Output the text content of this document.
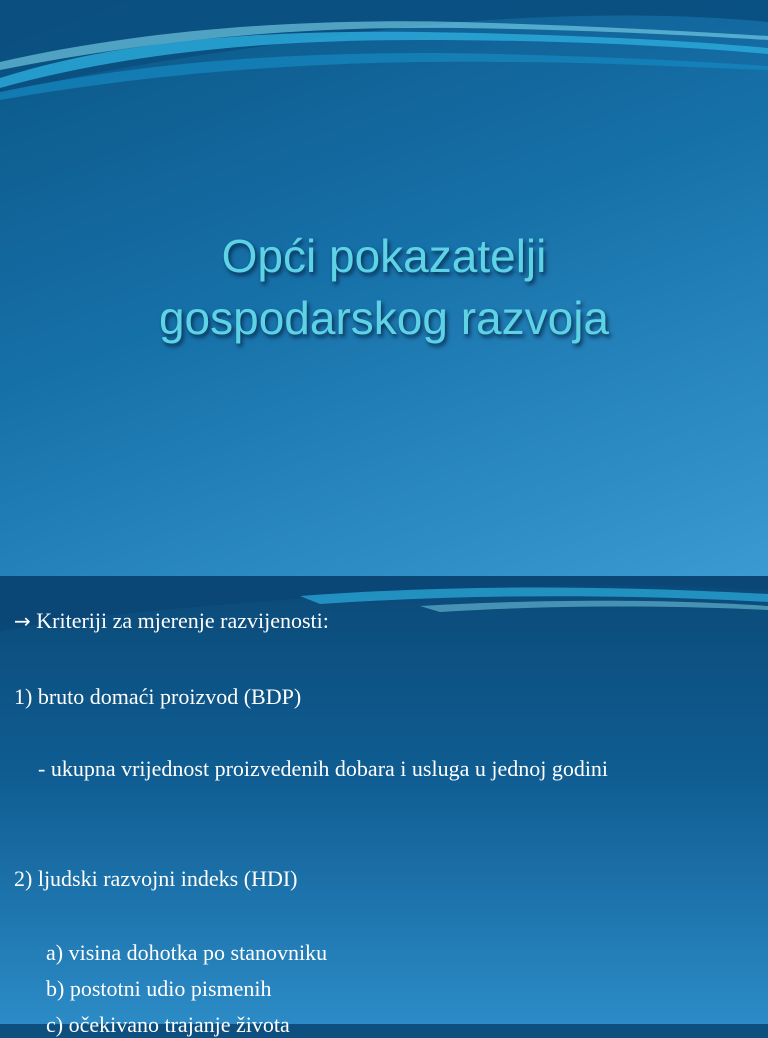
Opći pokazatelji
gospodarskog razvoja
→ Kriteriji za mjerenje razvijenosti:
1) bruto domaći proizvod (BDP)
- ukupna vrijednost proizvedenih dobara i usluga u jednoj godini
2) ljudski razvojni indeks (HDI)
a) visina dohotka po stanovniku
b) postotni udio pismenih
c) očekivano trajanje života
